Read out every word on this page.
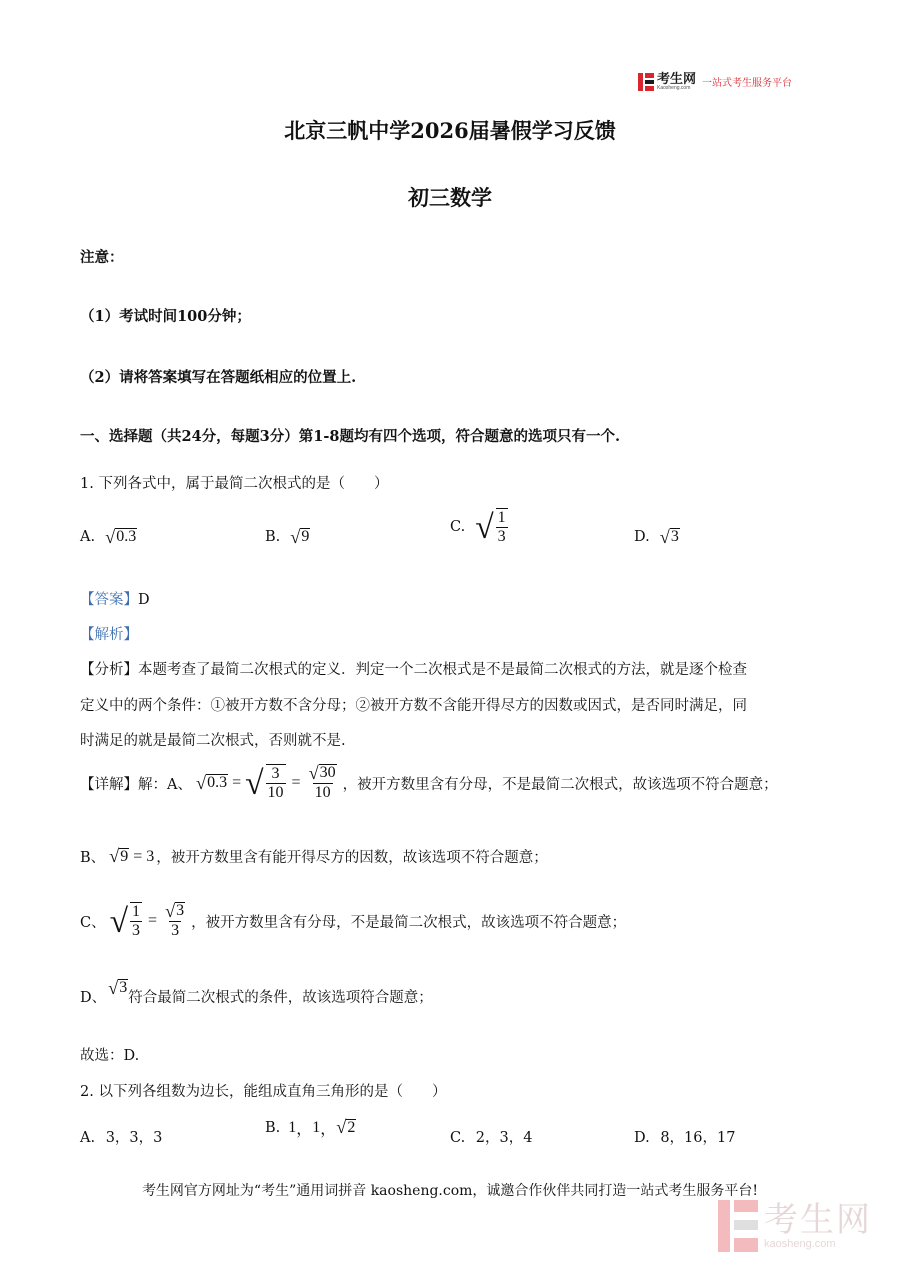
考生网
Kaosheng.com	一站式考生服务平台
北京三帆中学2026届暑假学习反馈
初三数学
注意：
（1）考试时间100分钟；
（2）请将答案填写在答题纸相应的位置上.
一、选择题（共24分，每题3分）第1-8题均有四个选项，符合题意的选项只有一个.
1. 下列各式中，属于最简二次根式的是（　　）
A. √ 0.3	B. √ 9
C. √ $\frac{1}{3}$	D. √ 3
【答案】D
【解析】
【分析】本题考查了最简二次根式的定义．判定一个二次根式是不是最简二次根式的方法，就是逐个检查
定义中的两个条件：①被开方数不含分母；②被开方数不含能开得尽方的因数或因式，是否同时满足，同
时满足的就是最简二次根式，否则就不是.
【详解】解：A、 √ 0.3 = √ $\frac{3}{10} = \frac{√ 30}{10}$ ，被开方数里含有分母，不是最简二次根式，故该选项不符合题意；
B、 √ 9 = 3 ，被开方数里含有能开得尽方的因数，故该选项不符合题意；
C、 √ $\frac{1}{3} = \frac{√ 3}{3}$ ，被开方数里含有分母，不是最简二次根式，故该选项不符合题意；
D、
√ 3
符合最简二次根式的条件，故该选项符合题意；
故选：D.
2. 以下列各组数为边长，能组成直角三角形的是（　　）
A. 3，3，3
B. 1 ， 1 ， √ 2
C. 2，3，4	D. 8，16，17
考生网官方网址为“考生”通用词拼音 kaosheng.com，诚邀合作伙伴共同打造一站式考生服务平台!
考生网
kaosheng.com
